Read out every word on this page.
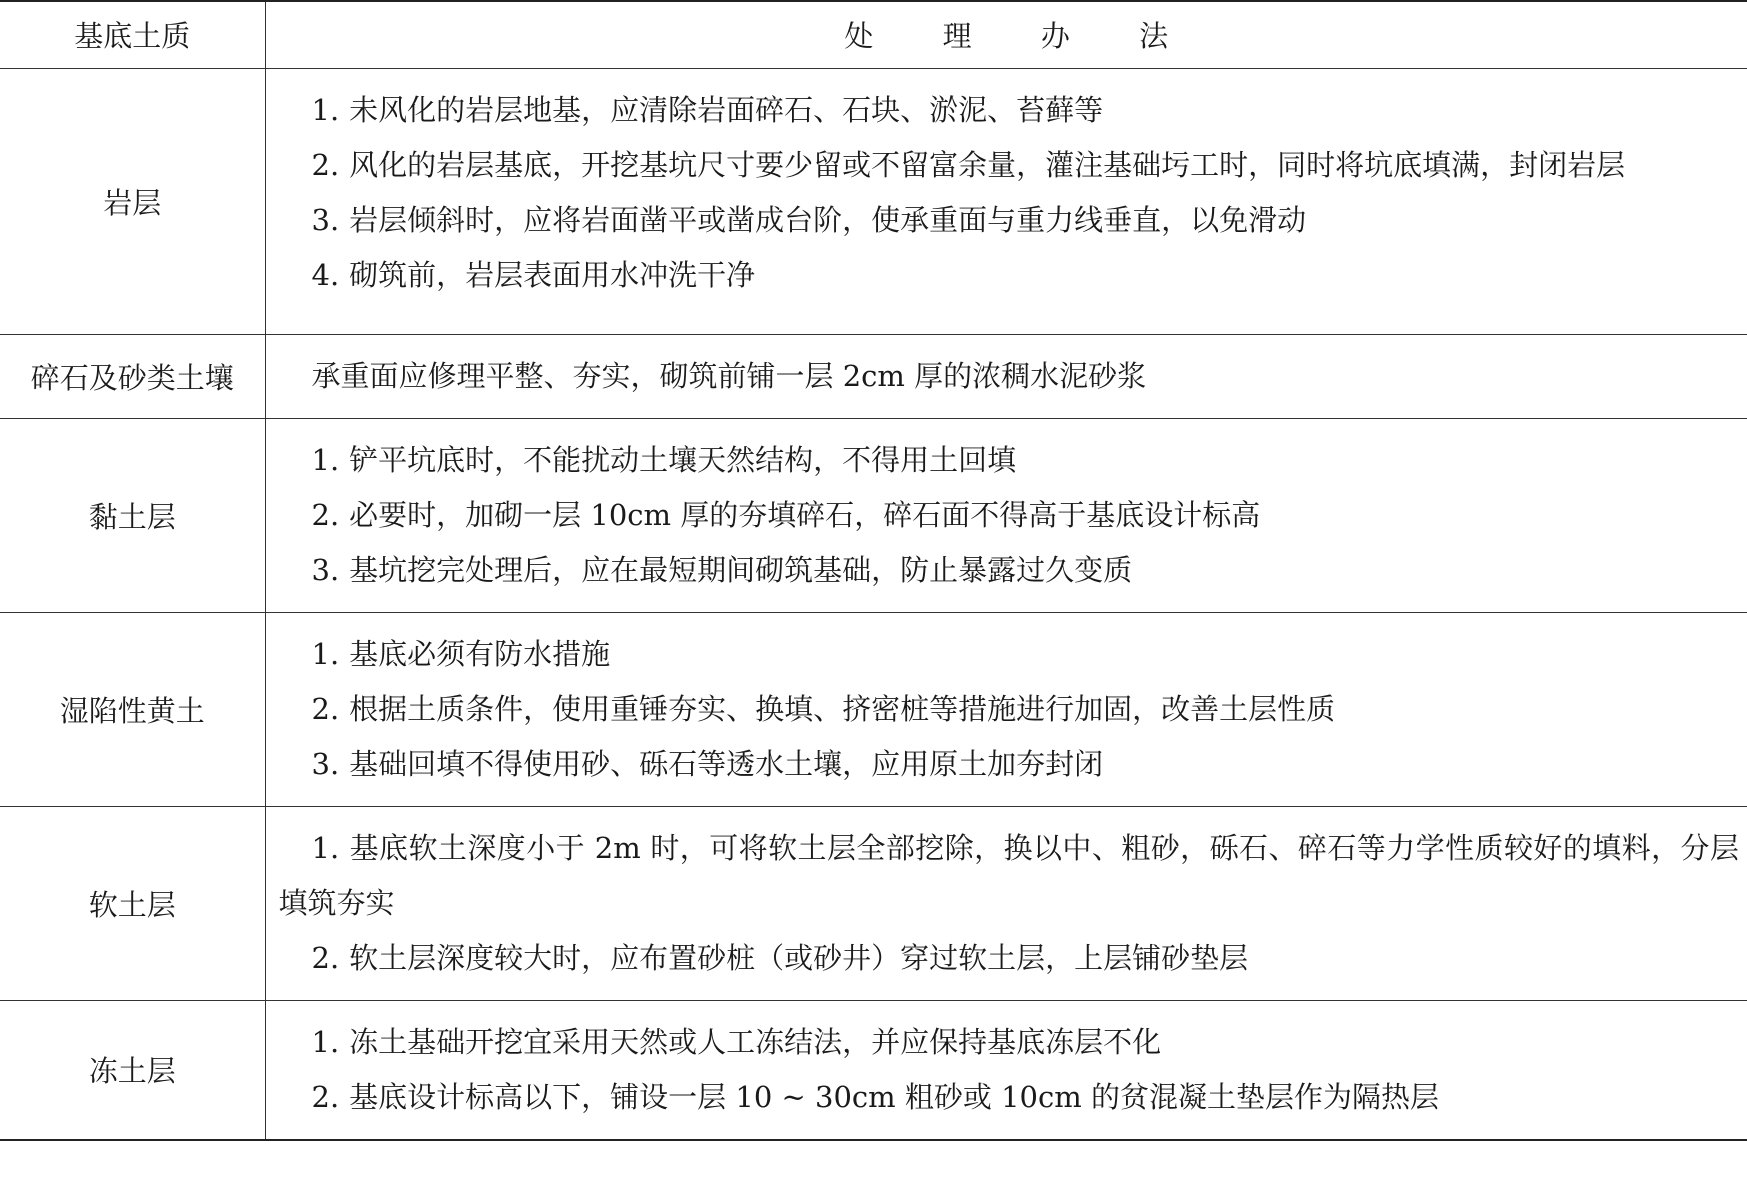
基底土质	处 理 办 法
岩层	1. 未风化的岩层地基，应清除岩面碎石、石块、淤泥、苔藓等
2. 风化的岩层基底，开挖基坑尺寸要少留或不留富余量，灌注基础圬工时，同时将坑底填满，封闭岩层
3. 岩层倾斜时，应将岩面凿平或凿成台阶，使承重面与重力线垂直，以免滑动
4. 砌筑前，岩层表面用水冲洗干净

碎石及砂类土壤	承重面应修理平整、夯实，砌筑前铺一层 2cm 厚的浓稠水泥砂浆

黏土层	1. 铲平坑底时，不能扰动土壤天然结构，不得用土回填
2. 必要时，加砌一层 10cm 厚的夯填碎石，碎石面不得高于基底设计标高
3. 基坑挖完处理后，应在最短期间砌筑基础，防止暴露过久变质

湿陷性黄土	1. 基底必须有防水措施
2. 根据土质条件，使用重锤夯实、换填、挤密桩等措施进行加固，改善土层性质
3. 基础回填不得使用砂、砾石等透水土壤，应用原土加夯封闭

软土层	1. 基底软土深度小于 2m 时，可将软土层全部挖除，换以中、粗砂，砾石、碎石等力学性质较好的填料，分层填筑夯实
2. 软土层深度较大时，应布置砂桩（或砂井）穿过软土层，上层铺砂垫层

冻土层	1. 冻土基础开挖宜采用天然或人工冻结法，并应保持基底冻层不化
2. 基底设计标高以下，铺设一层 10 ~ 30cm 粗砂或 10cm 的贫混凝土垫层作为隔热层
